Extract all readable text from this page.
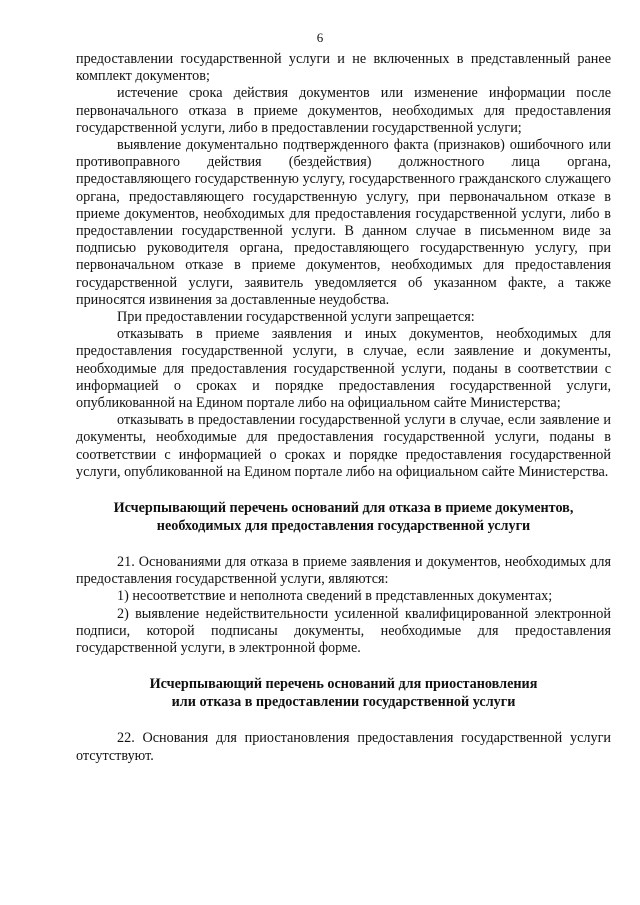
6

предоставлении государственной услуги и не включенных в представленный ранее комплект документов;

истечение срока действия документов или изменение информации после первоначального отказа в приеме документов, необходимых для предоставления государственной услуги, либо в предоставлении государственной услуги;

выявление документально подтвержденного факта (признаков) ошибочного или противоправного действия (бездействия) должностного лица органа, предоставляющего государственную услугу, государственного гражданского служащего органа, предоставляющего государственную услугу, при первоначальном отказе в приеме документов, необходимых для предоставления государственной услуги, либо в предоставлении государственной услуги. В данном случае в письменном виде за подписью руководителя органа, предоставляющего государственную услугу, при первоначальном отказе в приеме документов, необходимых для предоставления государственной услуги, заявитель уведомляется об указанном факте, а также приносятся извинения за доставленные неудобства.

При предоставлении государственной услуги запрещается:

отказывать в приеме заявления и иных документов, необходимых для предоставления государственной услуги, в случае, если заявление и документы, необходимые для предоставления государственной услуги, поданы в соответствии с информацией о сроках и порядке предоставления государственной услуги, опубликованной на Едином портале либо на официальном сайте Министерства;

отказывать в предоставлении государственной услуги в случае, если заявление и документы, необходимые для предоставления государственной услуги, поданы в соответствии с информацией о сроках и порядке предоставления государственной услуги, опубликованной на Едином портале либо на официальном сайте Министерства.

Исчерпывающий перечень оснований для отказа в приеме документов,
необходимых для предоставления государственной услуги

21. Основаниями для отказа в приеме заявления и документов, необходимых для предоставления государственной услуги, являются:

1) несоответствие и неполнота сведений в представленных документах;

2) выявление недействительности усиленной квалифицированной электронной подписи, которой подписаны документы, необходимые для предоставления государственной услуги, в электронной форме.

Исчерпывающий перечень оснований для приостановления
или отказа в предоставлении государственной услуги

22. Основания для приостановления предоставления государственной услуги отсутствуют.
